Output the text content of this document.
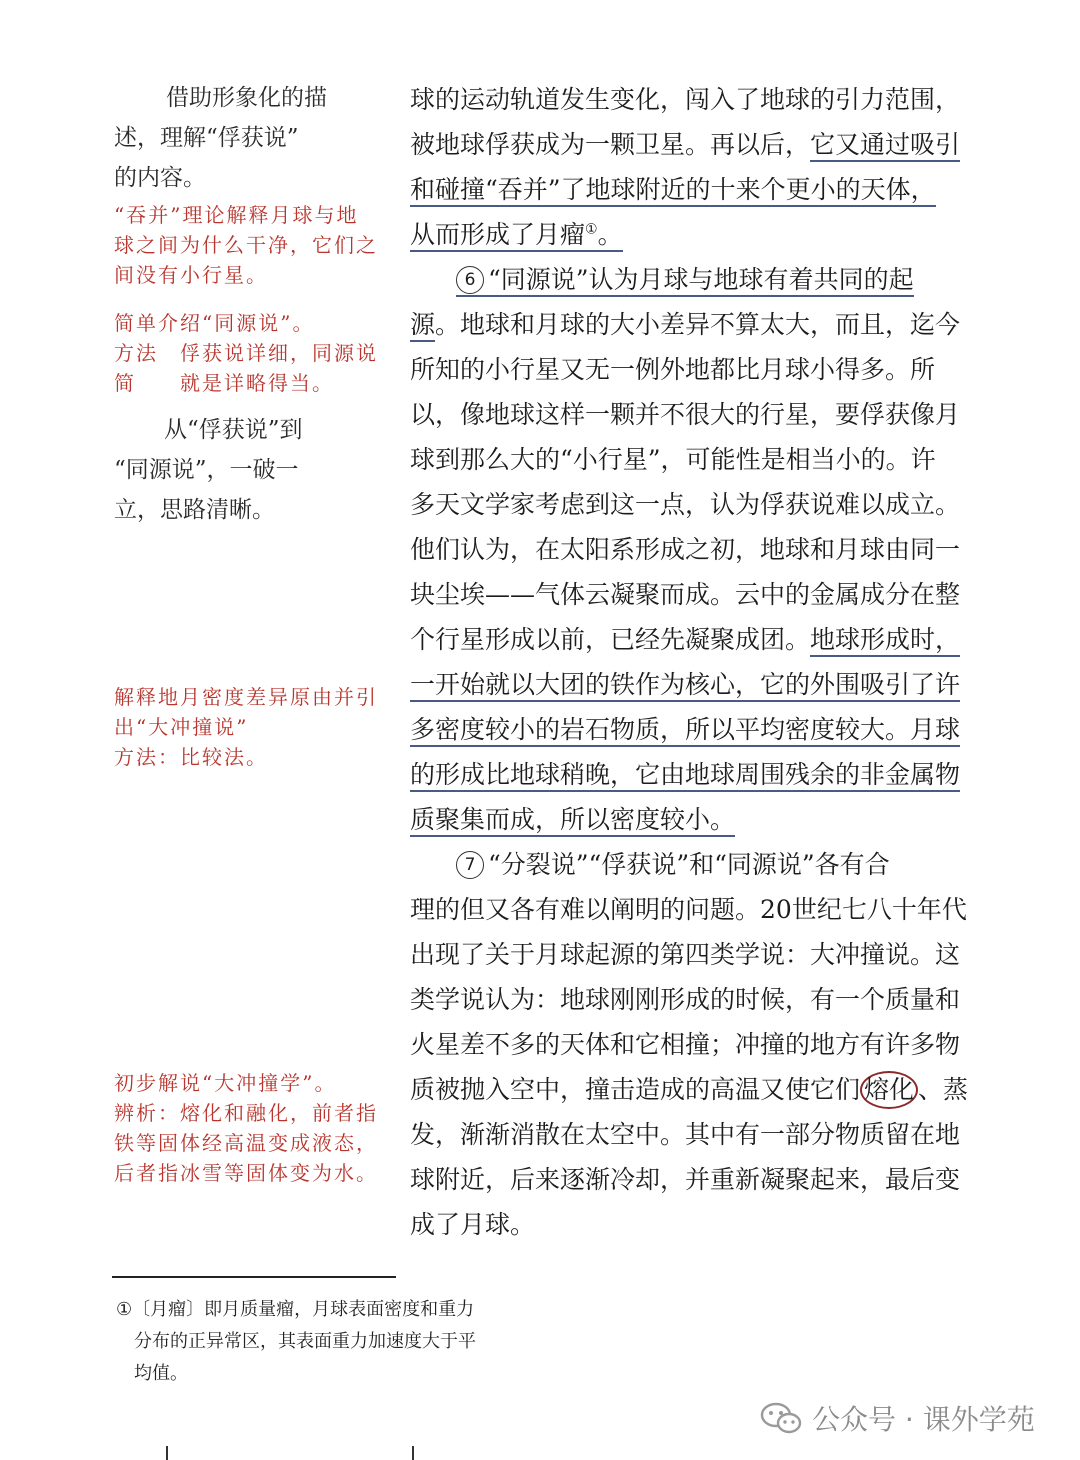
借助形象化的描
述，理解“俘获说”
的内容。
“吞并”理论解释月球与地
球之间为什么干净，它们之
间没有小行星。
简单介绍“同源说”。
方法　俘获说详细，同源说
简　　就是详略得当。
从“俘获说”到
“同源说”，一破一
立，思路清晰。
解释地月密度差异原由并引
出“大冲撞说”
方法：比较法。
初步解说“大冲撞学”。
辨析：熔化和融化，前者指
铁等固体经高温变成液态，
后者指冰雪等固体变为水。
球的运动轨道发生变化，闯入了地球的引力范围，
被地球俘获成为一颗卫星。再以后，它又通过吸引
和碰撞“吞并”了地球附近的十来个更小的天体，
从而形成了月瘤①。
6 “同源说”认为月球与地球有着共同的起
源。地球和月球的大小差异不算太大，而且，迄今
所知的小行星又无一例外地都比月球小得多。所
以，像地球这样一颗并不很大的行星，要俘获像月
球到那么大的“小行星”，可能性是相当小的。许
多天文学家考虑到这一点，认为俘获说难以成立。
他们认为，在太阳系形成之初，地球和月球由同一
块尘埃——气体云凝聚而成。云中的金属成分在整
个行星形成以前，已经先凝聚成团。地球形成时，
一开始就以大团的铁作为核心，它的外围吸引了许
多密度较小的岩石物质，所以平均密度较大。月球
的形成比地球稍晚，它由地球周围残余的非金属物
质聚集而成，所以密度较小。
7 “分裂说”“俘获说”和“同源说”各有合
理的但又各有难以阐明的问题。20世纪七八十年代
出现了关于月球起源的第四类学说：大冲撞说。这
类学说认为：地球刚刚形成的时候，有一个质量和
火星差不多的天体和它相撞；冲撞的地方有许多物
质被抛入空中，撞击造成的高温又使它们 熔化 、蒸
发，渐渐消散在太空中。其中有一部分物质留在地
球附近，后来逐渐冷却，并重新凝聚起来，最后变
成了月球。
①〔月瘤〕即月质量瘤，月球表面密度和重力
　分布的正异常区，其表面重力加速度大于平
　均值。
公众号 · 课外学苑
